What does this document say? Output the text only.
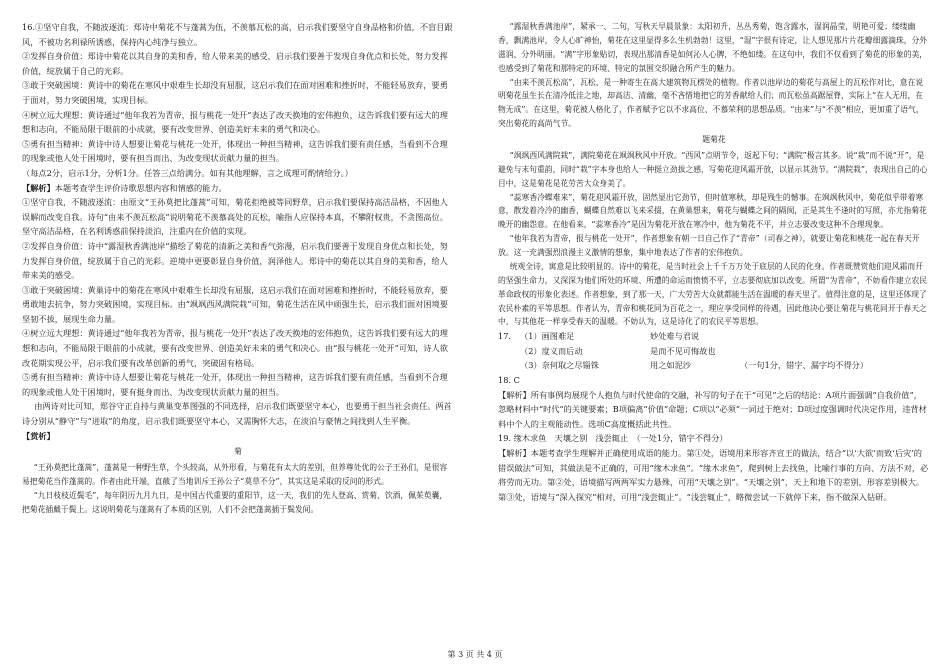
16.①坚守自我，不随波逐流：郑诗中菊花不与蓬蒿为伍，不羡慕瓦松的高，启示我们要坚守自身品格和价值，不盲目跟风，不被功名利禄所诱惑，保持内心纯净与独立。

②发挥自身价值：郑诗中菊花以其自身的美和香，给人带来美的感受，启示我们要善于发现自身优点和长处，努力发挥价值，绽放属于自己的光彩。

③敢于突破困境：黄诗中的菊花在寒风中艰难生长却没有屈服，这启示我们在面对困难和挫折时，不能轻易放弃，要勇于面对，努力突破困境，实现目标。

④树立远大理想：黄诗通过“他年我若为青帝，报与桃花一处开”表达了改天换地的宏伟抱负，这告诉我们要有远大的理想和志向，不能局限于眼前的小成就，要有改变世界、创造美好未来的勇气和决心。

⑤勇有担当精神：黄诗中诗人想要让菊花与桃花一处开，体现出一种担当精神，这告诉我们要有责任感，当看到不合理的现象或他人处于困境时，要有担当而出、为改变现状贡献力量的担当。

（每点2分，启示1分，分析1分。任答三点给满分。如有其他理解，言之成理可酌情给分。）

【解析】本题考查学生评价诗歌思想内容和情感的能力。

①坚守自我，不随波逐流：由原文“王孙莫把比蓬蒿”可知，菊花拒绝被等同野草，启示我们要保持高洁品格，不因他人误解而改变自我。诗句“由来不羡瓦松高”说明菊花不羡慕高处的瓦松，喻指人应保持本真，不攀附权贵，不贪图高位。坚守高洁品格，在名利诱惑前保持淡泊，注重内在价值的实现。

②发挥自身价值：诗中“露湿秋香满池岸”描绘了菊花的清新之美和香气弥漫，启示我们要善于发现自身优点和长处，努力发挥自身价值，绽放属于自己的光彩。逆境中更要彰显自身价值，润泽他人。郑诗中的菊花以其自身的美和香，给人带来美的感受。

③敢于突破困境：黄巢诗中的菊花在寒风中艰难生长却没有屈服，这启示我们在面对困难和挫折时，不能轻易放弃，要勇敢地去抗争，努力突破困境，实现目标。由“飒飒西风满院栽”可知，菊花生活在风中顽强生长，启示我们面对困境要坚韧不拔，展现生命力量。

④树立远大理想：黄诗通过“他年我若为青帝，报与桃花一处开”表达了改天换地的宏伟抱负，这告诉我们要有远大的理想和志向，不能局限于眼前的小成就，要有改变世界、创造美好未来的勇气和决心。由“报与桃花一处开”可知，诗人欲改花期实现公平，启示我们要有改革创新的勇气，突破固有格局。

⑤勇有担当精神：黄诗中诗人想要让菊花与桃花一处开，体现出一种担当精神，这告诉我们要有责任感，当看到不合理的现象或他人处于困境时，要有挺身而出、为改变现状贡献力量的担当。

由两诗对比可知，郑谷守正自持与黄巢变革图强的不同选择，启示我们既要坚守本心，也要勇于担当社会责任。两首诗分别从“静守”与“进取”的角度，启示我们既要坚守本心，又需胸怀大志，在淡泊与豪情之间找到人生平衡。

【赏析】

菊

“王孙莫把比蓬蒿”，蓬蒿是一种野生草，个头较高，从外形看，与菊花有太大的差别，但养尊处优的公子王孙们，是很容易把菊花当作蓬蒿的。作者由此开端，直截了当地训斥王孙公子“莫草不分”，其实这是采取的反问的形式。

“九日枝枝近鬓毛”，每年阴历九月九日，是中国古代重要的重阳节，这一天，我们的先人登高、赏菊、饮酒，佩茱萸囊，把菊花插戴于鬓上。这说明菊花与蓬蒿有了本质的区别，人们不会把蓬蒿插于鬓发间。

“露湿秋香满池岸”，紧承一、二句，写秋天早晨景象：太阳初升，丛丛秀菊，饱含露水，湿润晶莹，明艳可爱；缕缕幽香，飘满池岸，令人心旷神怡，菊花在这里显得多么生机勃勃！这里，“湿”字很有诗定，让人想见那片片花瓣细露滴珠，分外滋润，分外明丽。“满”字形象贴切，表现出那清香是如何沁人心脾，不绝如缕。在这句中，我们不仅看到了菊花的形象的美，也感受到了菊花和那特定的环境、特定的氛围交织融合所产生的魅力。

“由来不羡瓦松高”，瓦松，是一种寄生在高大建筑物瓦楞处的植物。作者以池岸边的菊花与高屋上的瓦松作对比，意在说明菊花虽生长在清冷低洼之地，却高洁、清幽，毫不吝惜地把它的芳香献给人们；而瓦松虽高踞屋脊，实际上“在人无用，在物无成”。在这里，菊花被人格化了，作者赋予它以不求高位、不慕荣利的思想品质。“由来”与“不羡”相应，更加重了语气，突出菊花的高尚气节。

题菊花

“飒飒西风满院栽”，满院菊花在飒飒秋风中开放。“西风”点明节令，返起下句；“满院”极言其多。说“栽”而不说“开”，是避免与末句重韵，同时“栽”字本身也给人一种挺立劲拔之感，写菊花迎风霜开放，以显示其劲节。“满院栽”，表现出自己的心目中，这是菊花是花劳苦大众身美了。

“蕊寒香冷蝶难来”，菊花迎风霜开放，固然显出它劲节，但时值寒秋，却是残生的憾事。在飒飒秋风中，菊花似乎带着寒意，散发着冷冷的幽香，蝴蝶自然难以飞来采掇，在黄巢想来，菊花与蝴蝶之间的隔阂，正是其生不逢时的写照，亦尤指菊花晚开的幽怨意。在他看来，“蕊寒香冷”是因为菊花开放在寒冷中，他为菊花不平，并立志要改变这种不合理现象。

“他年我若为青帝，报与桃花一处开”，作者想象有朝一日自己作了“青帝”（司春之神），就要让菊花和桃花一起在春天开放。这一充满强烈浪漫主义激情的想象，集中地表达了作者的宏伟抱负。

统观全诗，寓意是比较明显的。诗中的菊花，是当时社会上千千万万处于底层的人民的化身。作者既赞赏他们迎风霜而开的坚强生命力，又深深为他们所处的环境、所遭的命运而愤愤不平，立志要彻底加以改变。所谓“为青帝”，不妨看作建立农民革命政权的形象化表述。作者想象，到了那一天，广大劳苦大众就都能生活在温暖的春天里了。值得注意的是，这里还体现了农民朴素的平等思想。作者认为，青帝和桃花同为百花之一，理应享受同样的待遇，因此他决心要让菊花与桃花同开于春天之中，与其他花一样享受春天的温暖。不妨认为，这是诗化了的农民平等思想。

17.	（1）画图难足	妙处难与君说
（2）度义而后动	是而不见可悔故也
（3）奈何取之尽锱铢	用之如泥沙	（一句1分，错字、漏字均不得分）

18. C

【解析】所有事例均展现个人抱负与时代使命的交融，补写的句子在于“可见”之后的结论：A项片面强调“自我价值”，忽略材料中“时代”的关键要素；B项偏离“价值”命题；C项以“必须”一词过于绝对；D项过度强调时代决定作用，违背材料中个人的主观能动性。选项C高度概括此共性。

19. 缘木求鱼　天壤之别　浅尝辄止　（一处1分，错字不得分）

【解析】本题考查学生理解并正确使用成语的能力。第①处，语境用来形容齐宣王的做法，结合“以‘大欲’而致‘后灾’的错误做法”可知，其做法是不正确的，可用“缘木求鱼”。“缘木求鱼”，爬到树上去找鱼，比喻行事的方向、方法不对，必将劳而无功。第②处，语境描写两两军实力悬殊，可用“天壤之别”。“天壤之别”，天上和地下的差别，形容差别极大。第③处，语境与“深入探究”相对，可用“浅尝辄止”。“浅尝辄止”，略微尝试一下就停下来，指不做深入钻研。

第 3 页 共 4 页
